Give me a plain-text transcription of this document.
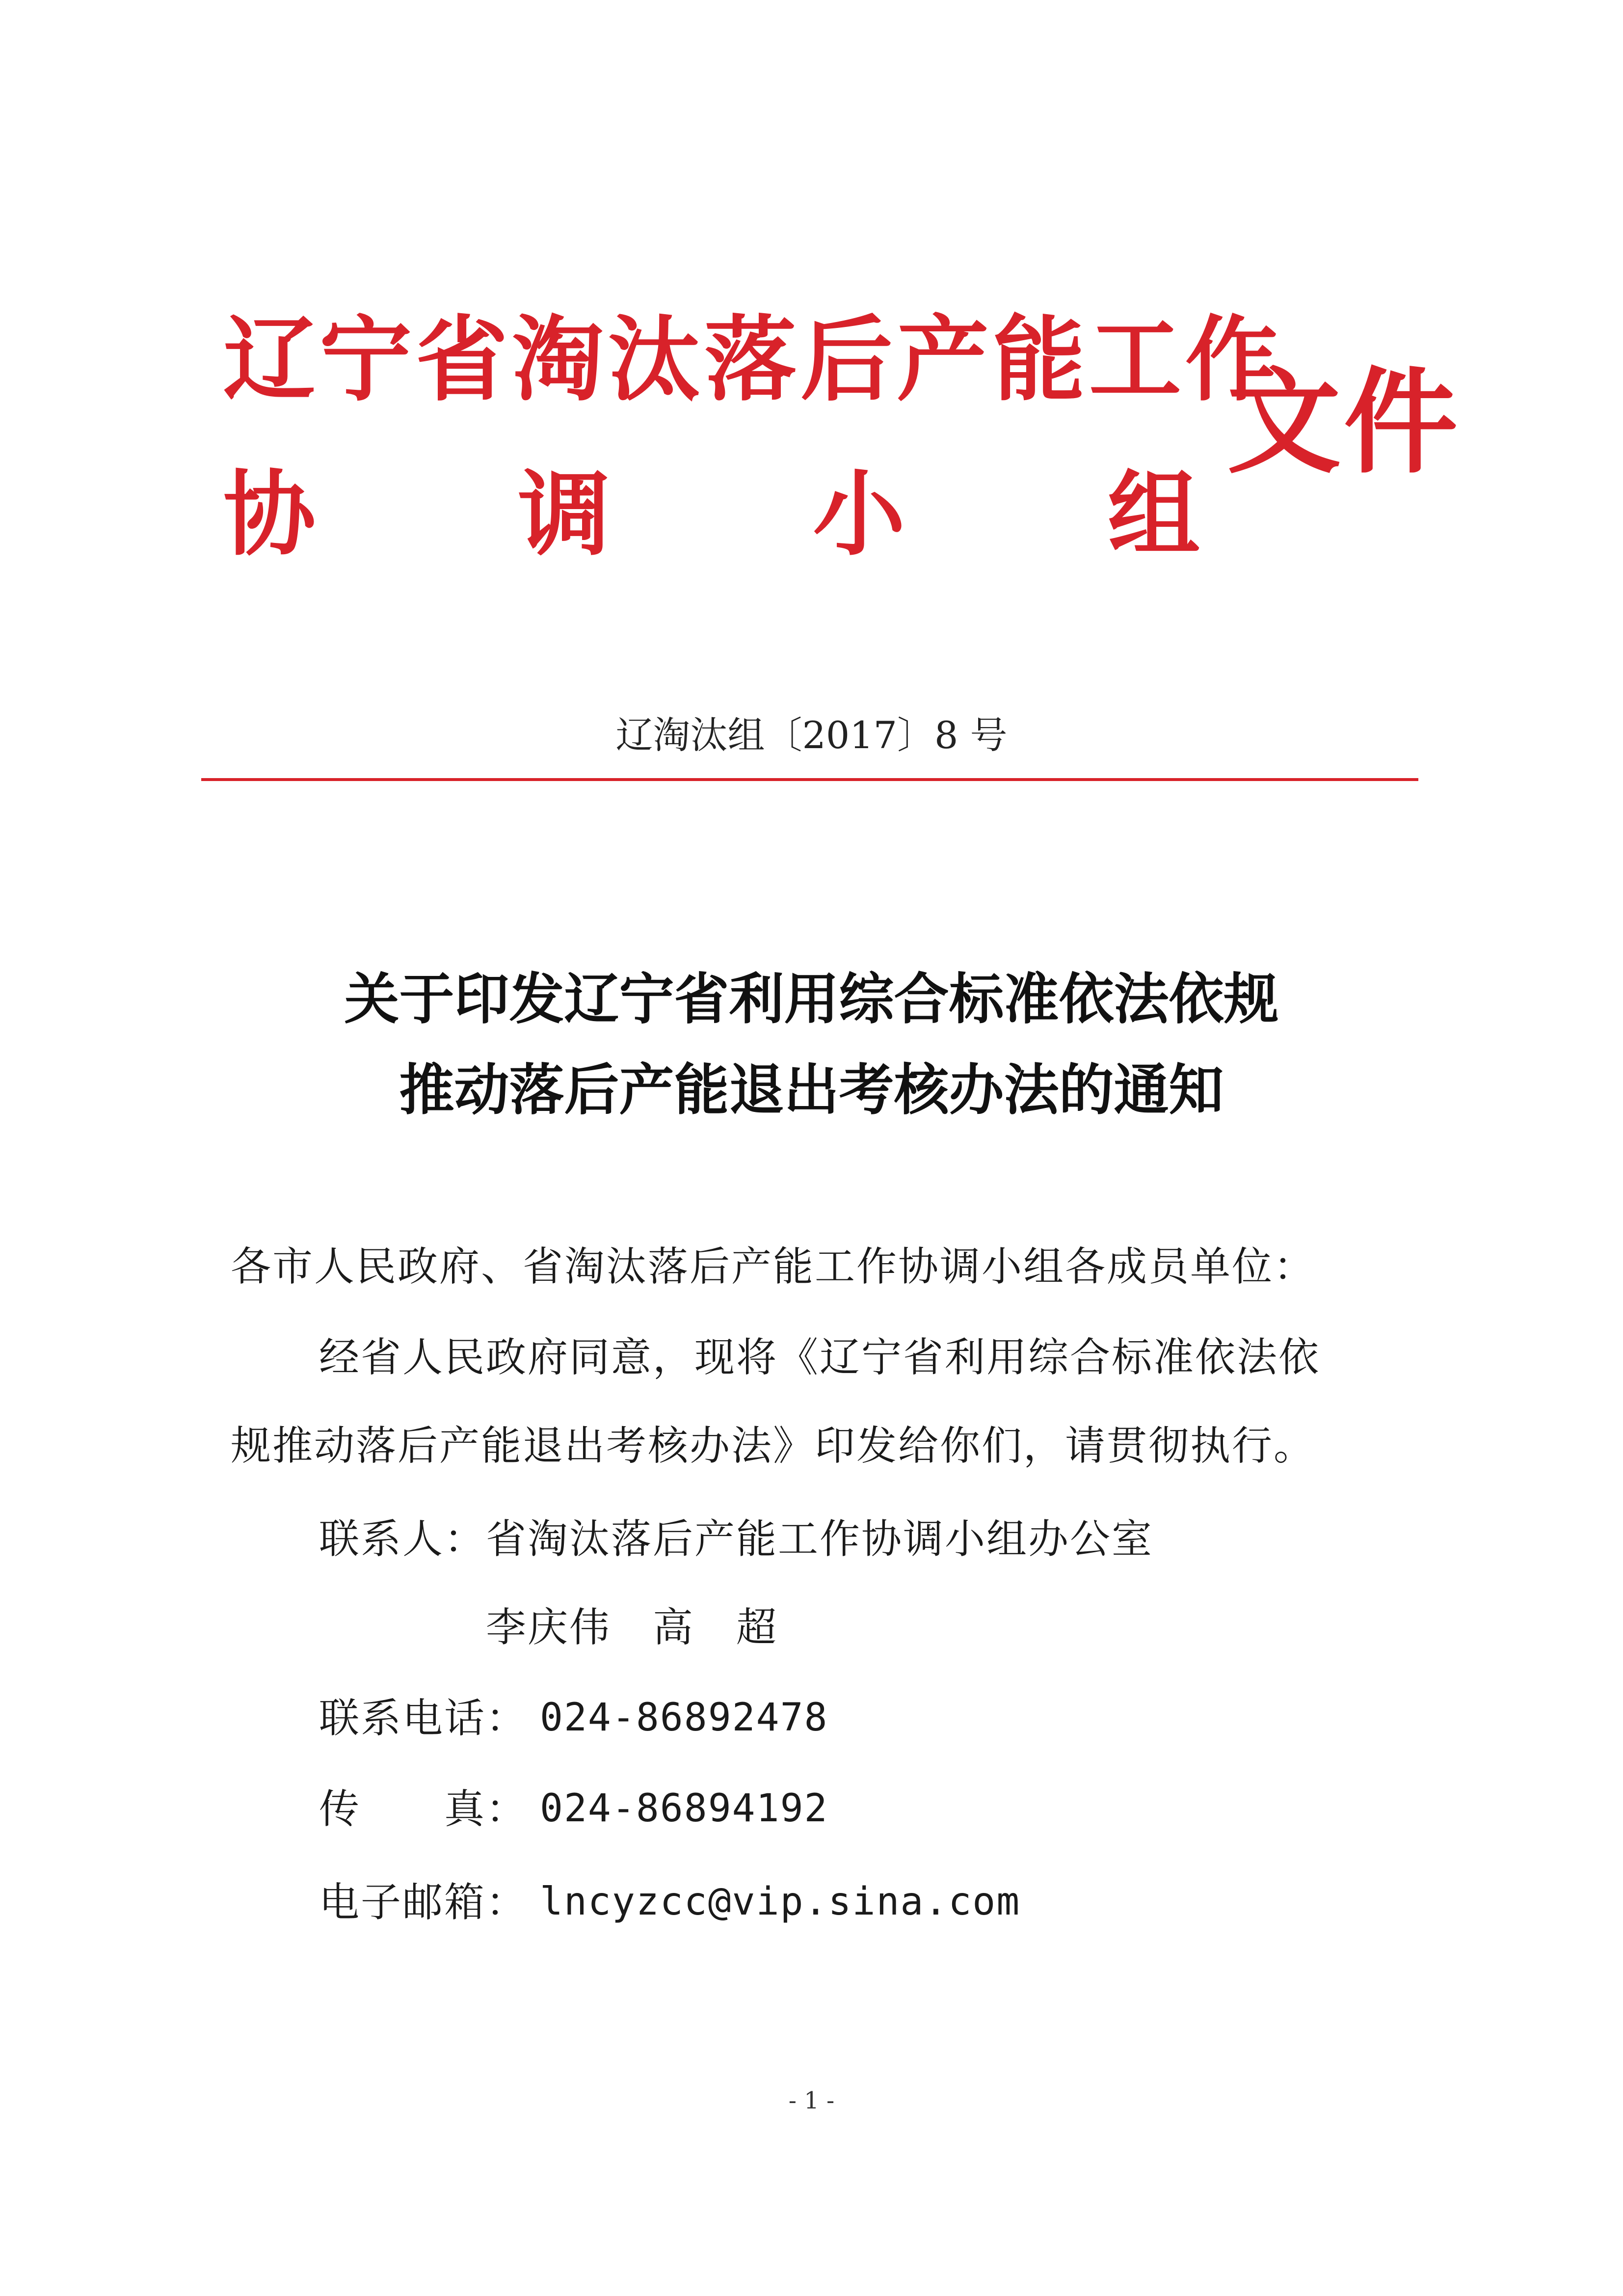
辽宁省淘汰落后产能工作
协 调 小 组
文件
辽淘汰组〔2017〕8 号
关于印发辽宁省利用综合标准依法依规
推动落后产能退出考核办法的通知
各市人民政府、省淘汰落后产能工作协调小组各成员单位：
经省人民政府同意，现将《辽宁省利用综合标准依法依
规推动落后产能退出考核办法》印发给你们，请贯彻执行。
联系人： 省淘汰落后产能工作协调小组办公室
李庆伟　高　超
联系电话： 024-86892478
传　　真： 024-86894192
电子邮箱： lncyzcc@vip.sina.com
- 1 -
